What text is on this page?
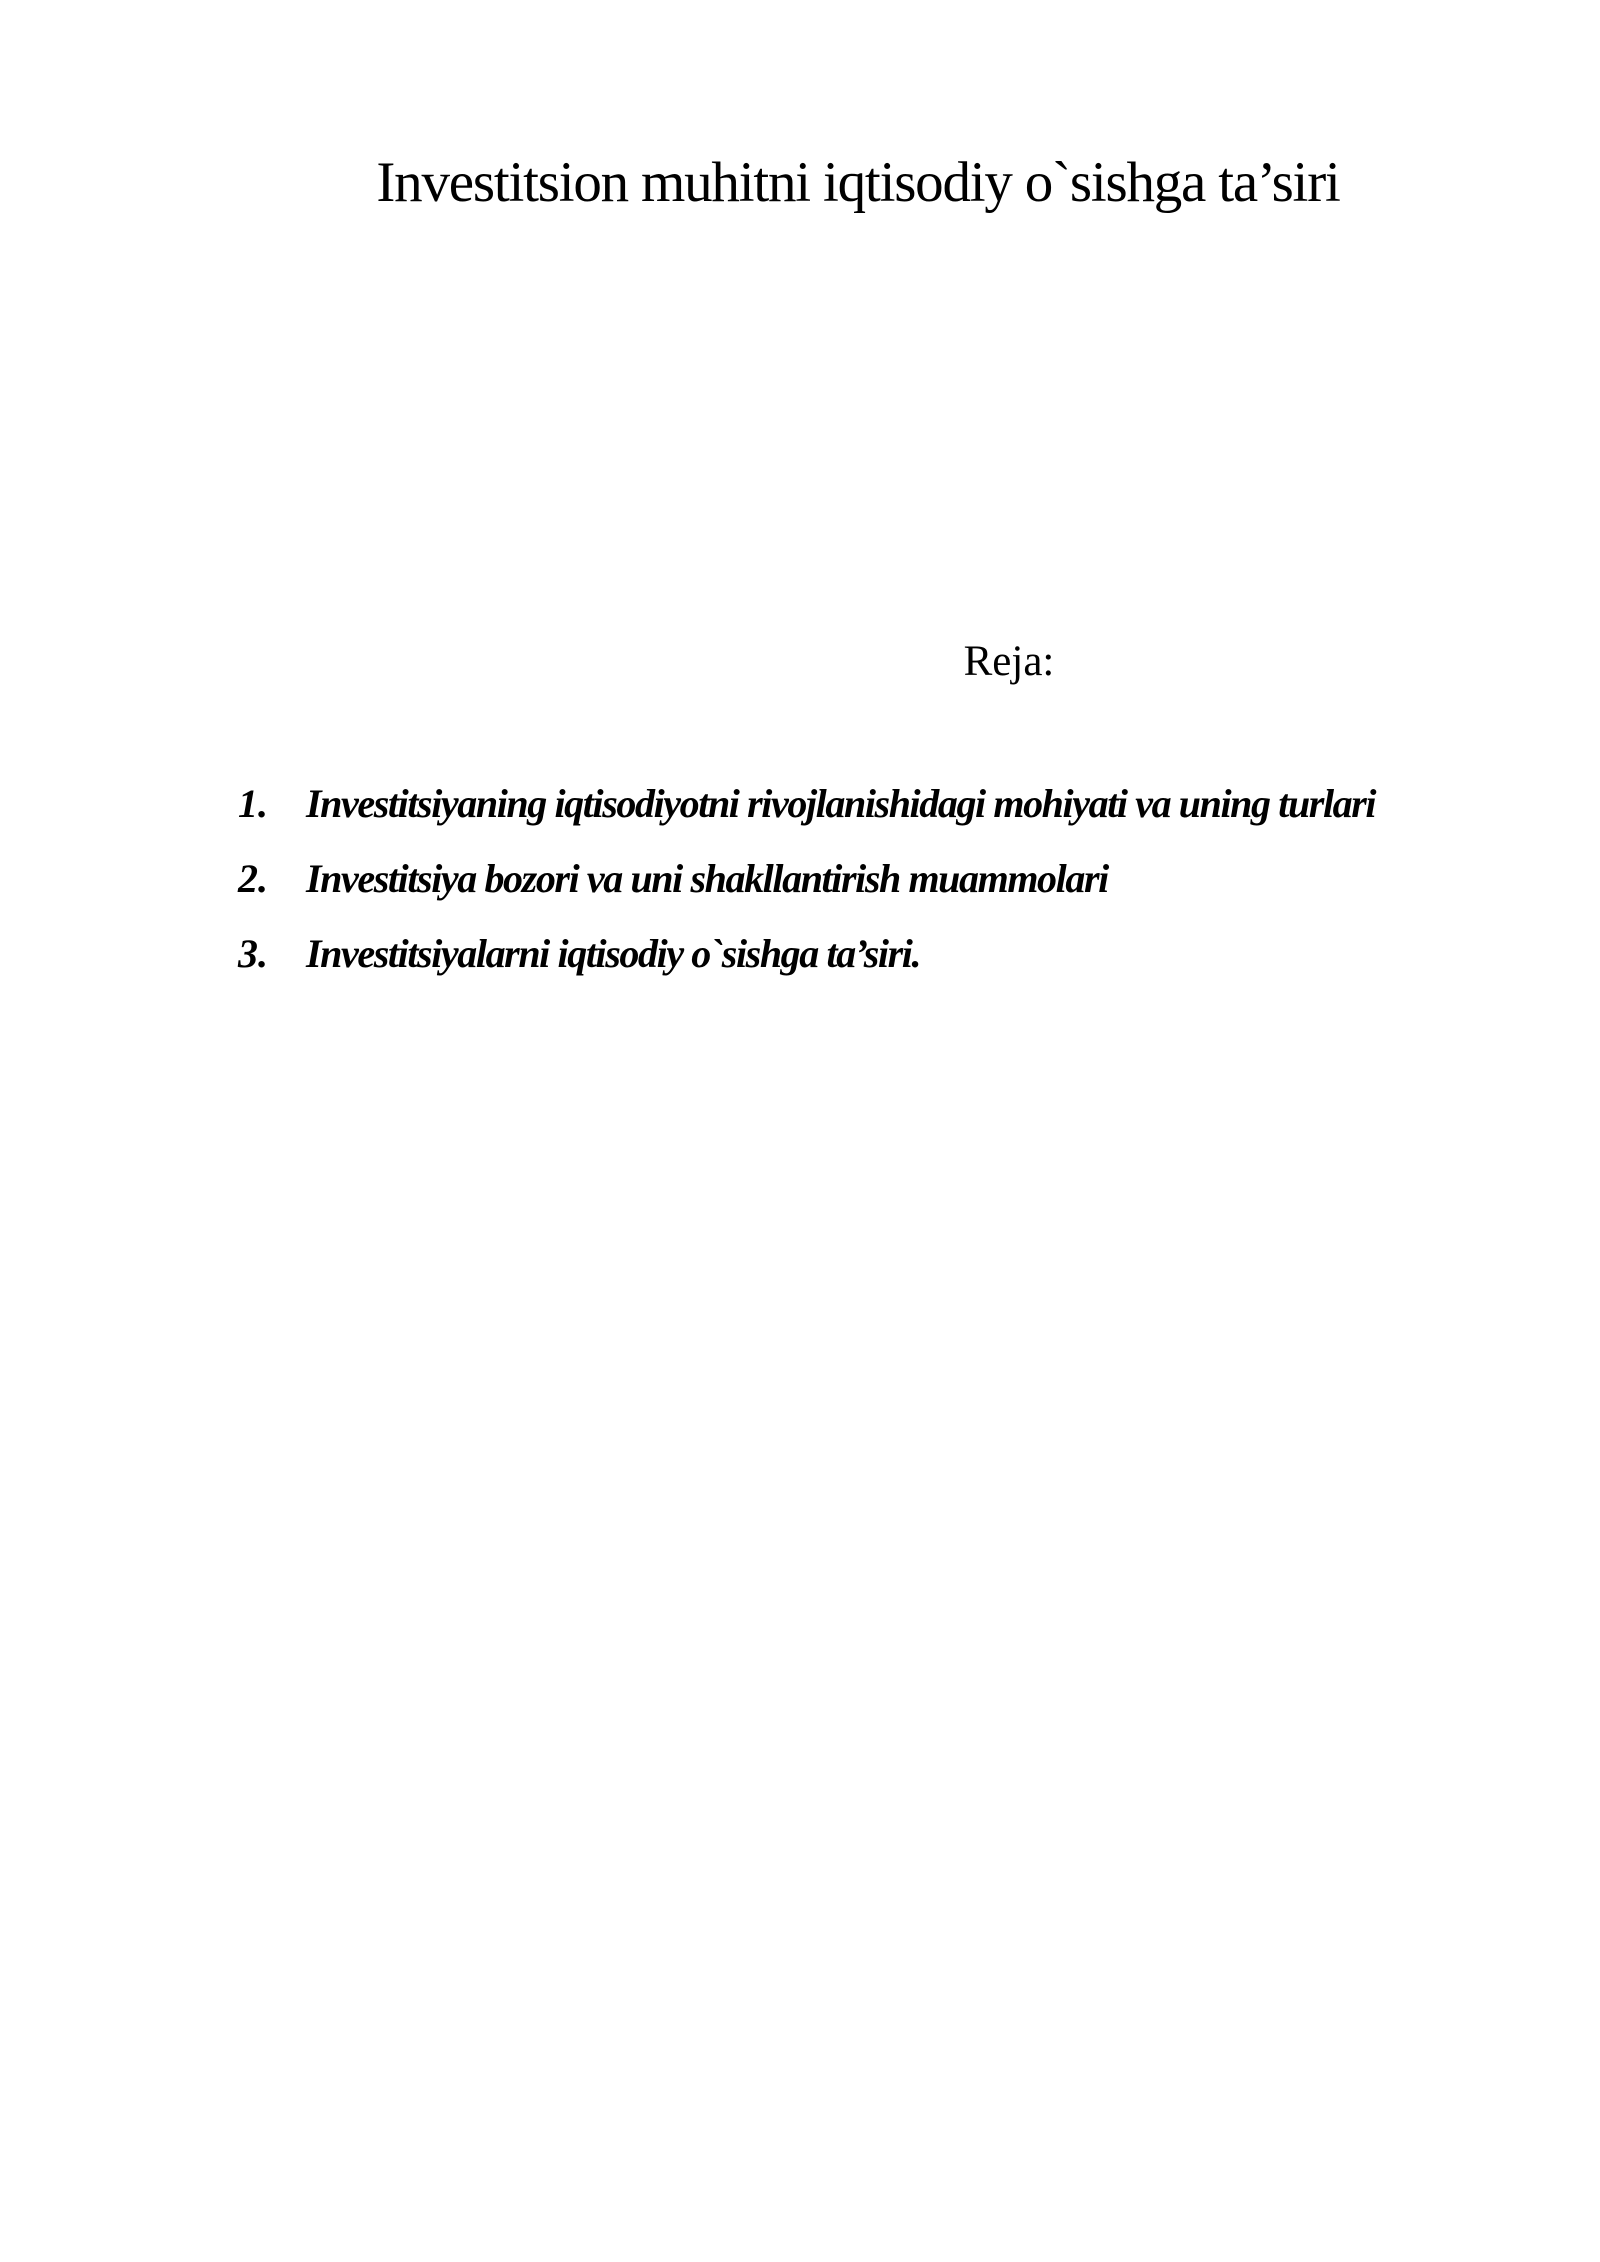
Investitsion muhitni iqtisodiy o`sishga ta’siri
Reja:
1. Investitsiyaning iqtisodiyotni rivojlanishidagi mohiyati va uning turlari
2. Investitsiya bozori va uni shakllantirish muammolari
3. Investitsiyalarni iqtisodiy o`sishga ta’siri.
